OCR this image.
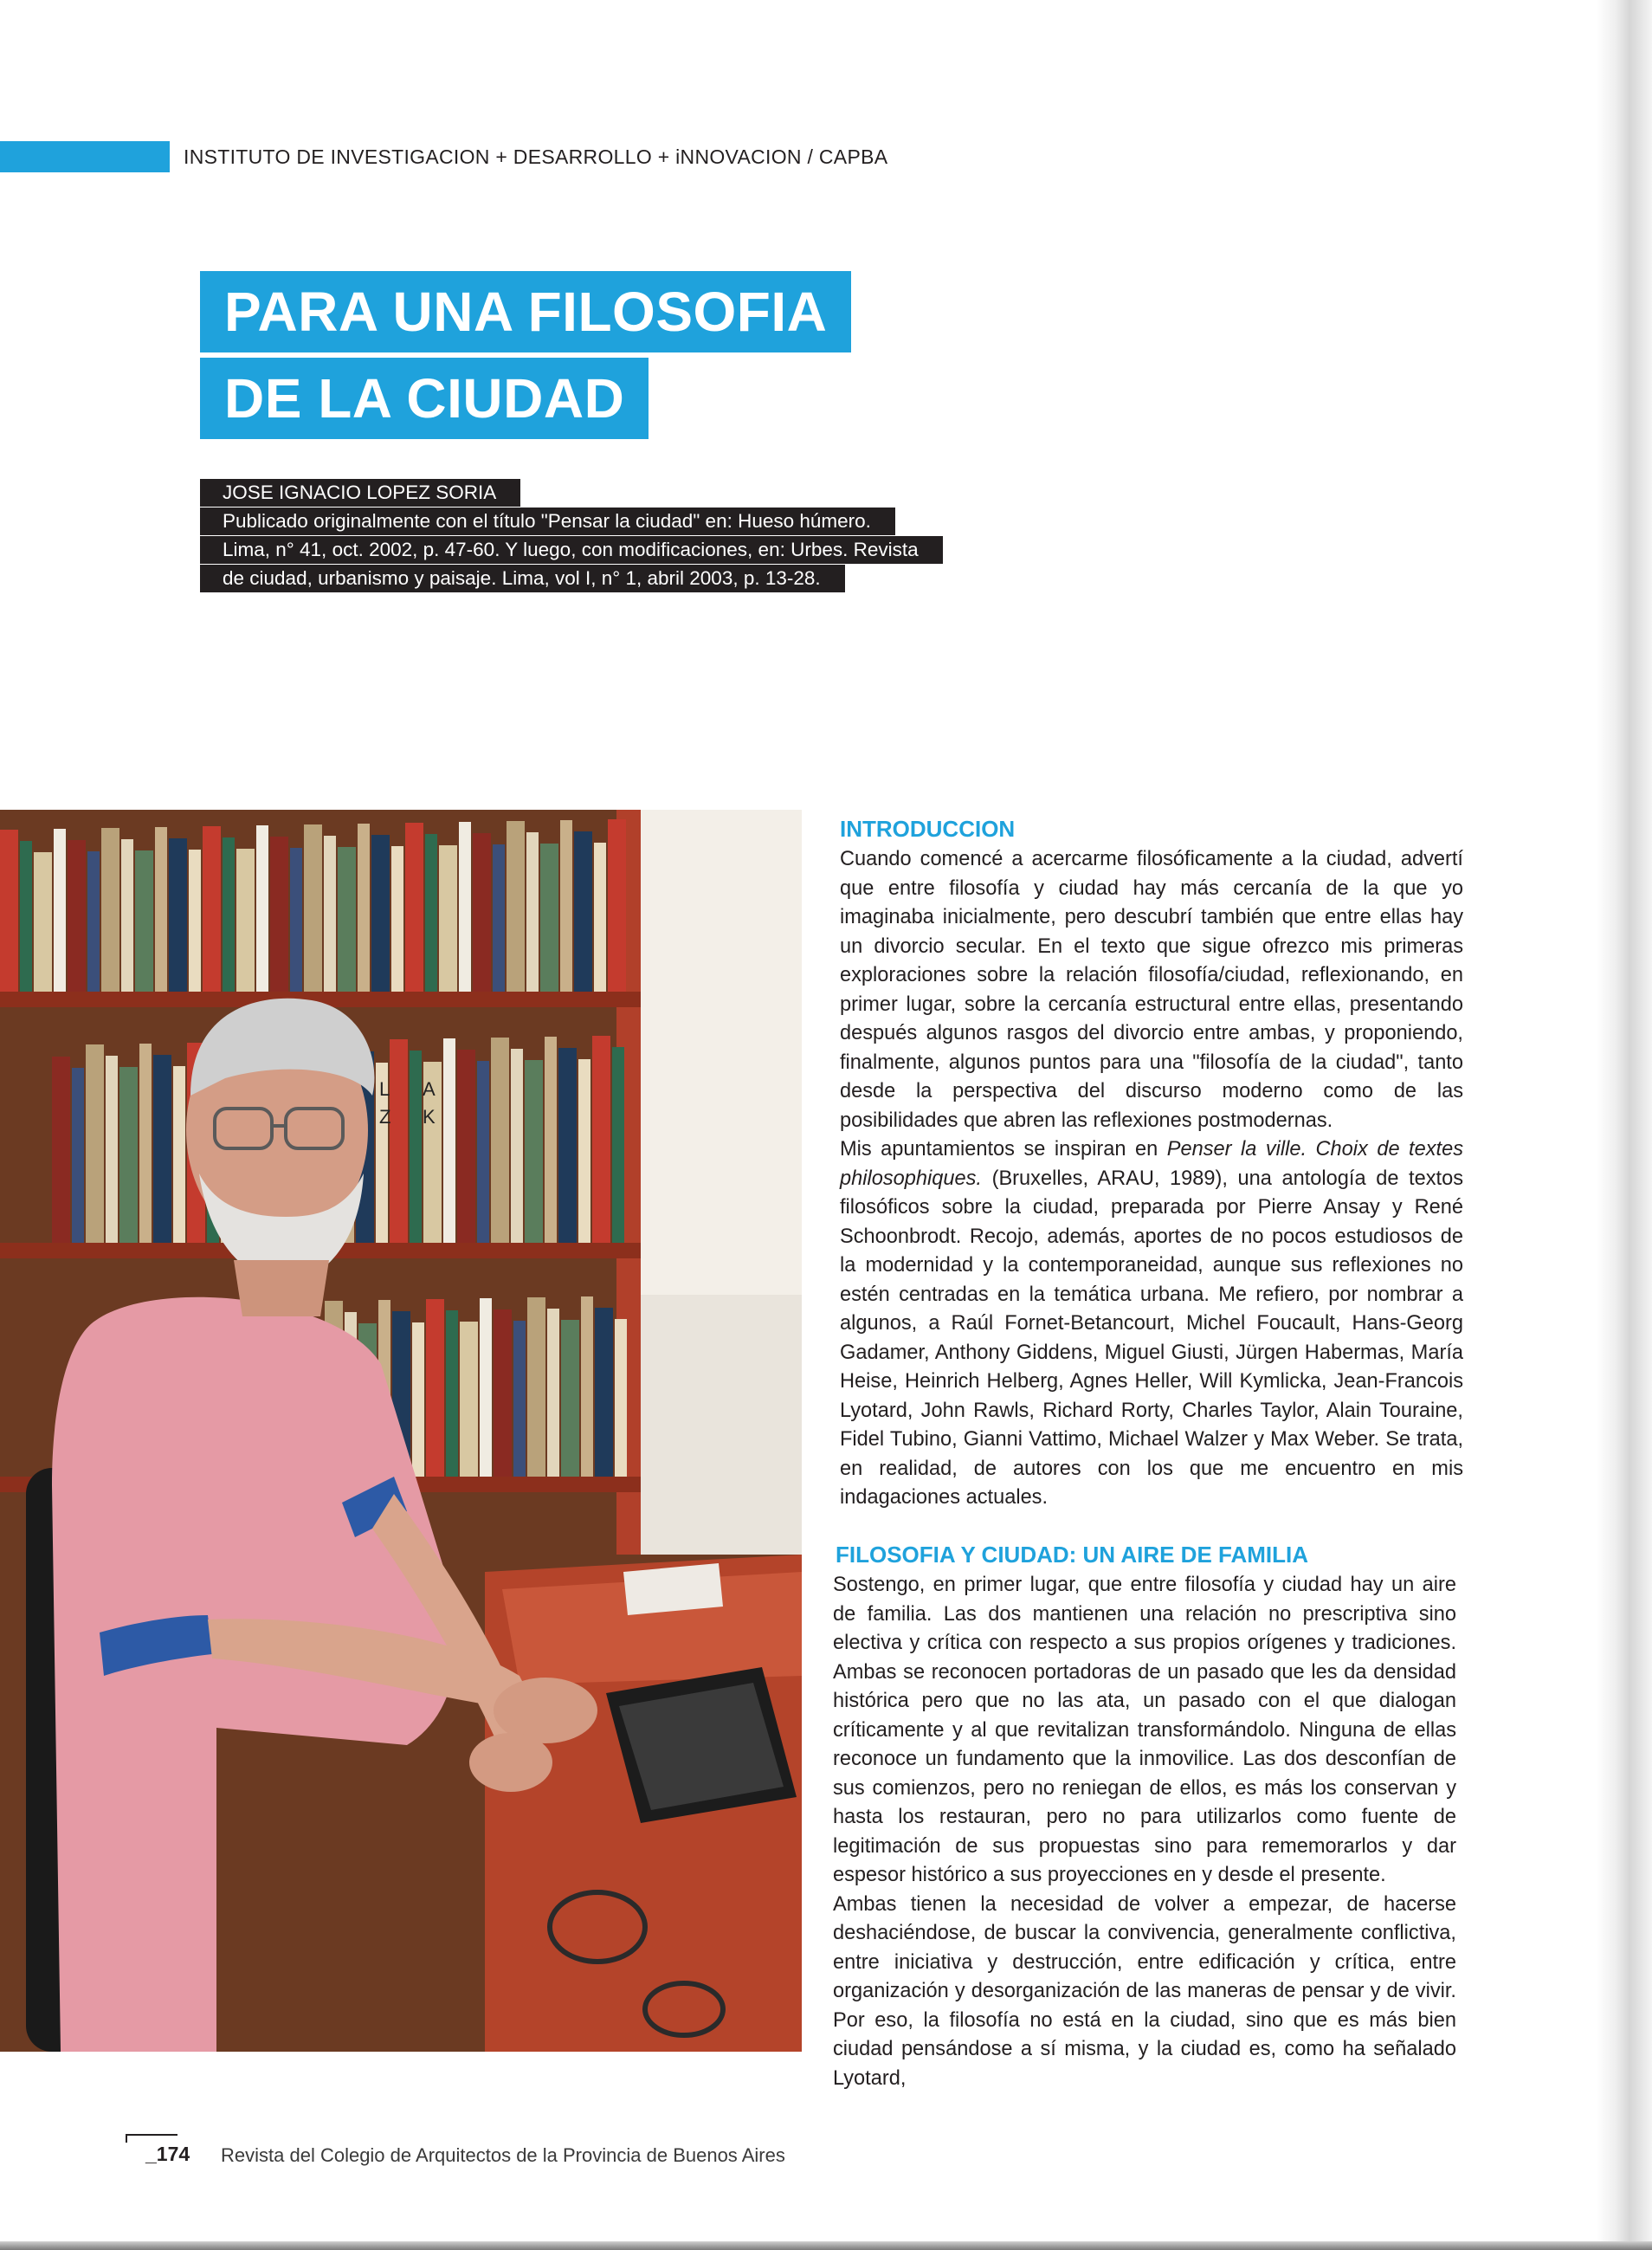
INSTITUTO DE INVESTIGACION + DESARROLLO + iNNOVACION / CAPBA
PARA UNA FILOSOFIA
DE LA CIUDAD
JOSE IGNACIO LOPEZ SORIA
Publicado originalmente con el título "Pensar la ciudad" en: Hueso húmero.
Lima, n° 41, oct. 2002, p. 47-60. Y luego, con modificaciones, en: Urbes. Revista
de ciudad, urbanismo y paisaje. Lima, vol I, n° 1, abril 2003, p. 13-28.
L
Z
A
K
INTRODUCCION

Cuando comencé a acercarme filosóficamente a la ciudad, advertí que entre filosofía y ciudad hay más cercanía de la que yo imaginaba inicialmente, pero descubrí también que entre ellas hay un divorcio secular. En el texto que sigue ofrezco mis primeras exploraciones sobre la relación filosofía/ciudad, reflexionando, en primer lugar, sobre la cercanía estructural entre ellas, presentando después algunos rasgos del divorcio entre ambas, y proponiendo, finalmente, algunos puntos para una "filosofía de la ciudad", tanto desde la perspectiva del discurso moderno como de las posibilidades que abren las reflexiones postmodernas.

Mis apuntamientos se inspiran en Penser la ville. Choix de textes philosophiques. (Bruxelles, ARAU, 1989), una antología de textos filosóficos sobre la ciudad, preparada por Pierre Ansay y René Schoonbrodt. Recojo, además, aportes de no pocos estudiosos de la modernidad y la contemporaneidad, aunque sus reflexiones no estén centradas en la temática urbana. Me refiero, por nombrar a algunos, a Raúl Fornet-Betancourt, Michel Foucault, Hans-Georg Gadamer, Anthony Giddens, Miguel Giusti, Jürgen Habermas, María Heise, Heinrich Helberg, Agnes Heller, Will Kymlicka, Jean-Francois Lyotard, John Rawls, Richard Rorty, Charles Taylor, Alain Touraine, Fidel Tubino, Gianni Vattimo, Michael Walzer y Max Weber. Se trata, en realidad, de autores con los que me encuentro en mis indagaciones actuales.

FILOSOFIA Y CIUDAD: UN AIRE DE FAMILIA

Sostengo, en primer lugar, que entre filosofía y ciudad hay un aire de familia. Las dos mantienen una relación no prescriptiva sino electiva y crítica con respecto a sus propios orígenes y tradiciones. Ambas se reconocen portadoras de un pasado que les da densidad histórica pero que no las ata, un pasado con el que dialogan críticamente y al que revitalizan transformándolo. Ninguna de ellas reconoce un fundamento que la inmovilice. Las dos desconfían de sus comienzos, pero no reniegan de ellos, es más los conservan y hasta los restauran, pero no para utilizarlos como fuente de legitimación de sus propuestas sino para rememorarlos y dar espesor histórico a sus proyecciones en y desde el presente.

Ambas tienen la necesidad de volver a empezar, de hacerse deshaciéndose, de buscar la convivencia, generalmente conflictiva, entre iniciativa y destrucción, entre edificación y crítica, entre organización y desorganización de las maneras de pensar y de vivir. Por eso, la filosofía no está en la ciudad, sino que es más bien ciudad pensándose a sí misma, y la ciudad es, como ha señalado Lyotard,

_174 Revista del Colegio de Arquitectos de la Provincia de Buenos Aires
